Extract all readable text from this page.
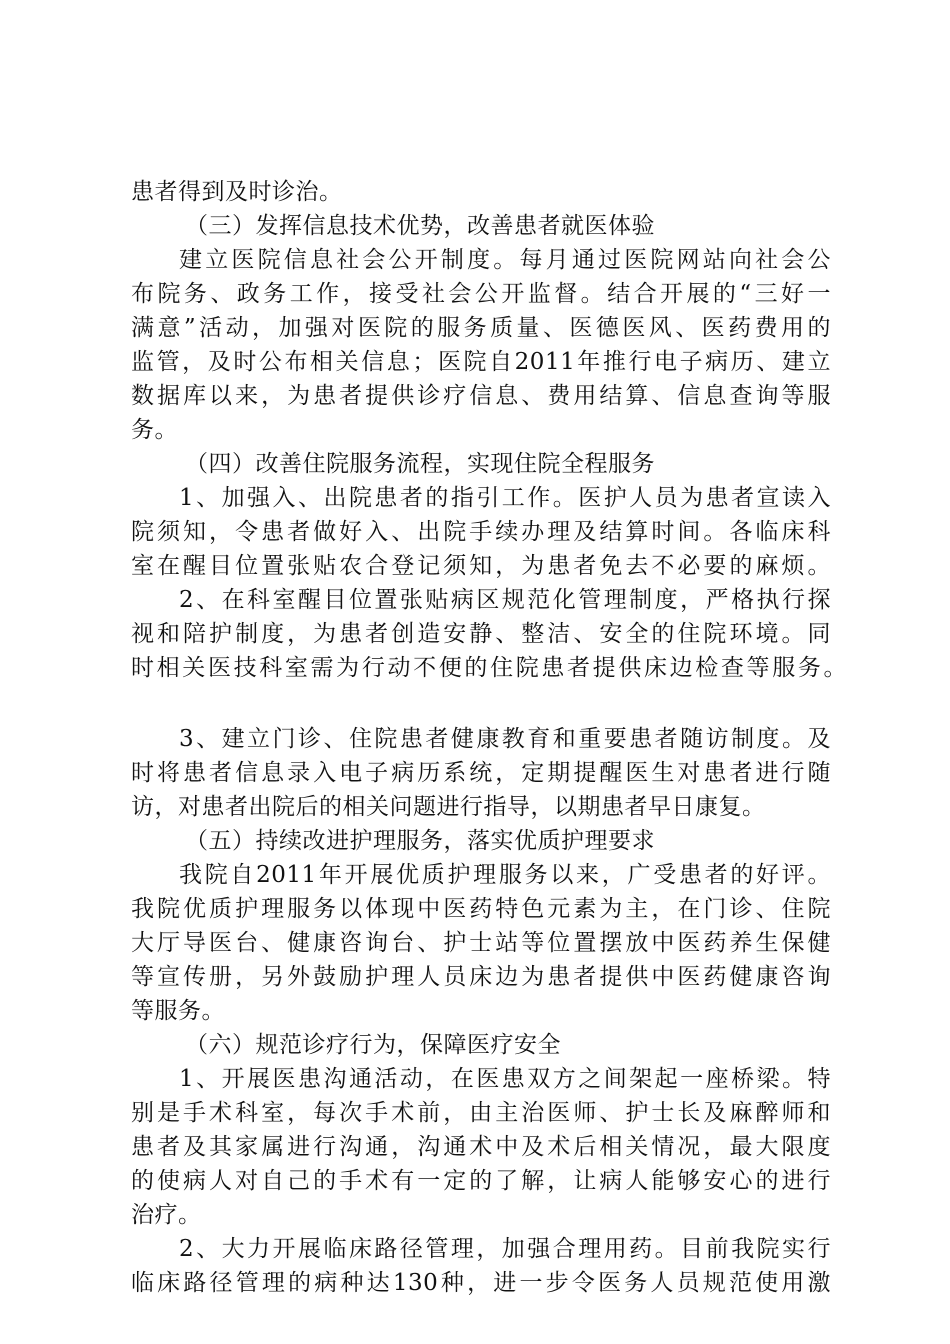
患者得到及时诊治。
（三）发挥信息技术优势，改善患者就医体验
建立医院信息社会公开制度。每月通过医院网站向社会公
布院务、政务工作，接受社会公开监督。结合开展的“三好一
满意”活动，加强对医院的服务质量、医德医风、医药费用的
监管，及时公布相关信息；医院自2011年推行电子病历、建立
数据库以来，为患者提供诊疗信息、费用结算、信息查询等服
务。
（四）改善住院服务流程，实现住院全程服务
1、加强入、出院患者的指引工作。医护人员为患者宣读入
院须知，令患者做好入、出院手续办理及结算时间。各临床科
室在醒目位置张贴农合登记须知，为患者免去不必要的麻烦。
2、在科室醒目位置张贴病区规范化管理制度，严格执行探
视和陪护制度，为患者创造安静、整洁、安全的住院环境。同
时相关医技科室需为行动不便的住院患者提供床边检查等服务。
3、建立门诊、住院患者健康教育和重要患者随访制度。及
时将患者信息录入电子病历系统，定期提醒医生对患者进行随
访，对患者出院后的相关问题进行指导，以期患者早日康复。
（五）持续改进护理服务，落实优质护理要求
我院自2011年开展优质护理服务以来，广受患者的好评。
我院优质护理服务以体现中医药特色元素为主，在门诊、住院
大厅导医台、健康咨询台、护士站等位置摆放中医药养生保健
等宣传册，另外鼓励护理人员床边为患者提供中医药健康咨询
等服务。
（六）规范诊疗行为，保障医疗安全
1、开展医患沟通活动，在医患双方之间架起一座桥梁。特
别是手术科室，每次手术前，由主治医师、护士长及麻醉师和
患者及其家属进行沟通，沟通术中及术后相关情况，最大限度
的使病人对自己的手术有一定的了解，让病人能够安心的进行
治疗。
2、大力开展临床路径管理，加强合理用药。目前我院实行
临床路径管理的病种达130种，进一步令医务人员规范使用激
